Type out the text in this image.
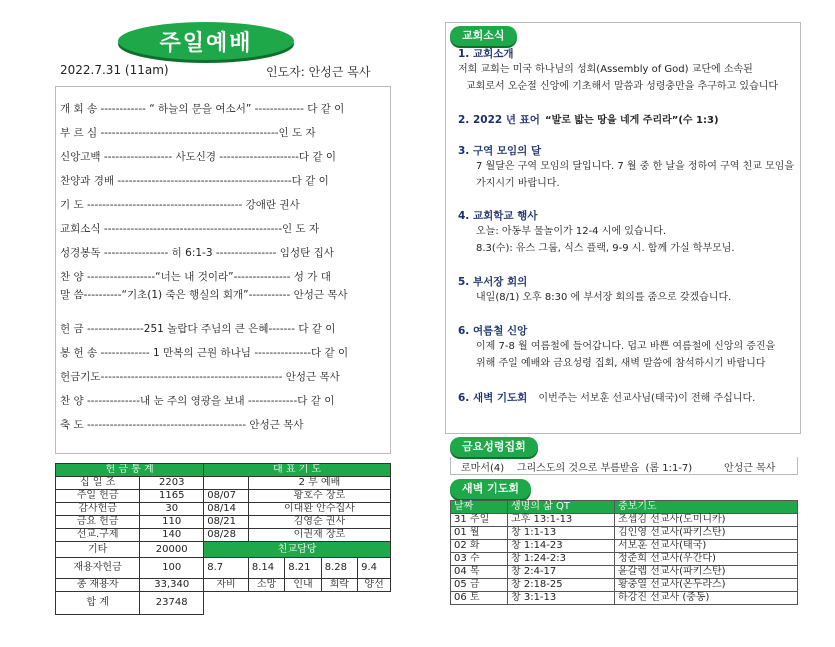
주일예배
2022.7.31 (11am)	인도자: 안성근 목사
개 회 송 ------------ “ 하늘의 문을 여소서” ------------- 다 같 이
부 르 심 -----------------------------------------------인 도 자
신앙고백 ------------------ 사도신경 ---------------------다 같 이
찬양과 경배 ----------------------------------------------다 같 이
기 도 ----------------------------------------- 강애란 권사
교회소식 -----------------------------------------------인 도 자
성경봉독 ----------------- 히 6:1-3 ---------------- 임성탄 집사
찬 양 ------------------“너는 내 것이라”--------------- 성 가 대
말 씀----------“기초(1) 죽은 행실의 회개”----------- 안성근 목사
헌 금 ---------------251 놀랍다 주님의 큰 은혜------- 다 같 이
봉 헌 송 ------------- 1 만복의 근원 하나님 ---------------다 같 이
헌금기도------------------------------------------------ 안성근 목사
찬 양 --------------내 눈 주의 영광을 보내 -------------다 같 이
축 도 ------------------------------------------ 안성근 목사
헌 금 통 계		대 표 기 도				
십 일 조	2203		2 부 예배			
주일 헌금	1165	08/07	황호수 장로			
감사헌금	30	08/14	이대환 안수집사			
금요 헌금	110	08/21	김영순 권사			
선교.구제	140	08/28	이권재 장로			
기타	20000	친교담당				
재용자헌금	100	8.7	8.14	8.21	8.28	9.4
총 재용자	33,340	자비	소망	인내	희락	양선
합 계	23748					
교회소식
1. 교회소개
저희 교회는 미국 하나님의 성회(Assembly of God) 교단에 소속된
교회로서 오순절 신앙에 기초해서 말씀과 성령충만을 추구하고 있습니다
2. 2022 년 표어 “발로 밟는 땅을 네게 주리라”(수 1:3)
3. 구역 모임의 달
7 월달은 구역 모임의 달입니다. 7 월 중 한 날을 정하여 구역 친교 모임을
가지시기 바랍니다.
4. 교회학교 행사
오늘: 아동부 물놀이가 12-4 시에 있습니다.
8.3(수): 유스 그룹, 식스 플랙, 9-9 시. 함께 가실 학부모님.
5. 부서장 회의
내일(8/1) 오후 8:30 에 부서장 회의를 줌으로 갖겠습니다.
6. 여름철 신앙
이제 7-8 월 여름철에 들어갑니다. 덥고 바쁜 여름철에 신앙의 증진을
위해 주일 예배와 금요성령 집회, 새벽 말씀에 참석하시기 바랍니다
6. 새벽 기도회 이번주는 서보훈 선교사님(태국)이 전해 주십니다.
금요성령집회
로마서(4)    그리스도의 것으로 부름받음  (롬 1:1-7)          안성근 목사
새벽 기도회
날짜	생명의 삶 QT	중보기도
31 주일	고후 13:1-13	조셉김 선교사(도미니카)
01 월	창 1:1-13	김인영 선교사(파키스탄)
02 화	창 1:14-23	서보훈 선교사(태국)
03 수	창 1:24-2:3	정준희 선교사(우간다)
04 목	창 2:4-17	윤갈렙 선교사(파키스탄)
05 금	창 2:18-25	황충열 선교사(온두라스)
06 토	창 3:1-13	하강진 선교사 (중동)
